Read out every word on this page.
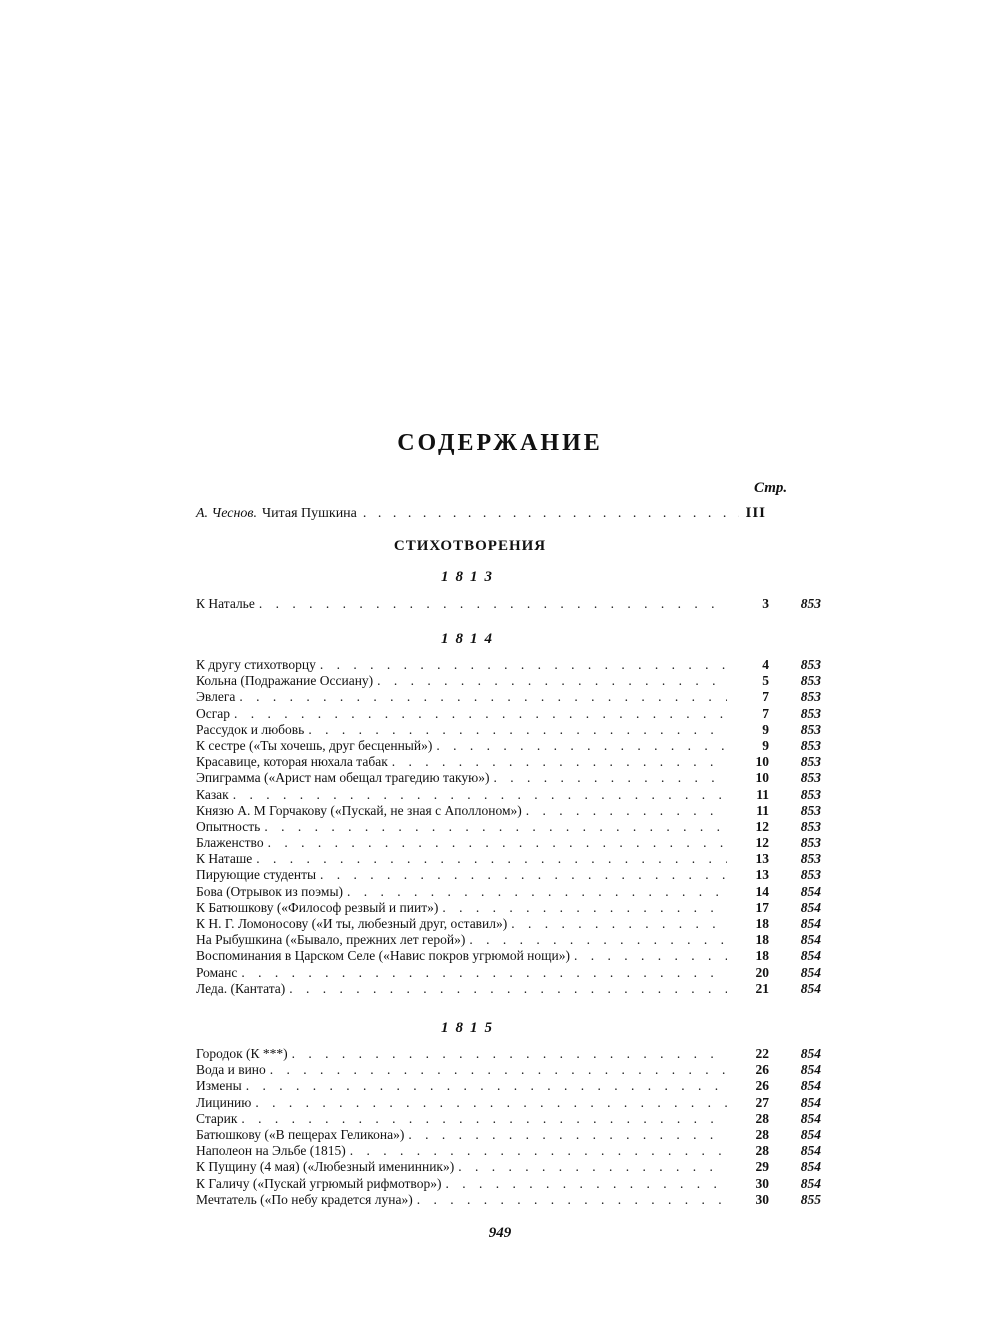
СОДЕРЖАНИЕ
Стр.
А. Чеснов. Читая Пушкина . . .	III
СТИХОТВОРЕНИЯ
1813
К Наталье . . .	3	853
1814
К другу стихотворцу . . .	4	853
Кольна (Подражание Оссиану) . . .	5	853
Эвлега . . .	7	853
Осгар . . .	7	853
Рассудок и любовь . . .	9	853
К сестре («Ты хочешь, друг бесценный») . . .	9	853
Красавице, которая нюхала табак . . .	10	853
Эпиграмма («Арист нам обещал трагедию такую») . . .	10	853
Казак . . .	11	853
Князю А. М Горчакову («Пускай, не зная с Аполлоном») . . .	11	853
Опытность . . .	12	853
Блаженство . . .	12	853
К Наташе . . .	13	853
Пирующие студенты . . .	13	853
Бова (Отрывок из поэмы) . . .	14	854
К Батюшкову («Философ резвый и пиит») . . .	17	854
К Н. Г. Ломоносову («И ты, любезный друг, оставил») . . .	18	854
На Рыбушкина («Бывало, прежних лет герой») . . .	18	854
Воспоминания в Царском Селе («Навис покров угрюмой нощи») . . .	18	854
Романс . . .	20	854
Леда. (Кантата) . . .	21	854
1815
Городок (К ***) . . .	22	854
Вода и вино . . .	26	854
Измены . . .	26	854
Лицинию . . .	27	854
Старик . . .	28	854
Батюшкову («В пещерах Геликона») . . .	28	854
Наполеон на Эльбе (1815) . . .	28	854
К Пущину (4 мая) («Любезный именинник») . . .	29	854
К Галичу («Пускай угрюмый рифмотвор») . . .	30	854
Мечтатель («По небу крадется луна») . . .	30	855
949
